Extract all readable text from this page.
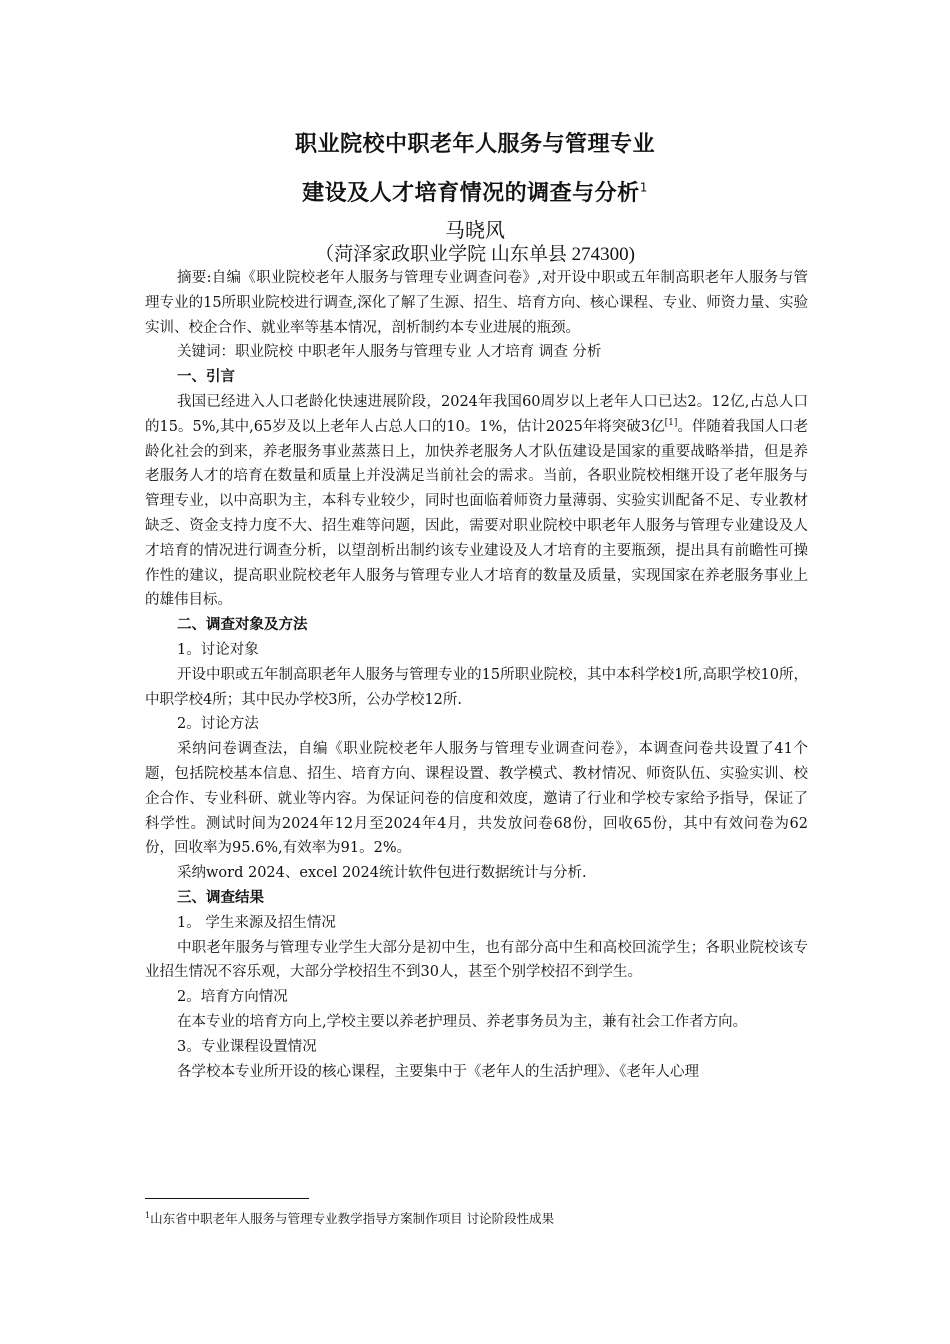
职业院校中职老年人服务与管理专业
建设及人才培育情况的调查与分析$^1$
马晓风
（菏泽家政职业学院 山东单县 274300)

摘要:自编《职业院校老年人服务与管理专业调查问卷》,对开设中职或五年制高职老年人服务与管理专业的15所职业院校进行调查,深化了解了生源、招生、培育方向、核心课程、专业、师资力量、实验实训、校企合作、就业率等基本情况，剖析制约本专业进展的瓶颈。

关键词：职业院校 中职老年人服务与管理专业 人才培育 调查 分析

一、引言

我国已经进入人口老龄化快速进展阶段，2024年我国60周岁以上老年人口已达2。12亿,占总人口的15。5%,其中,65岁及以上老年人占总人口的10。1%，估计2025年将突破3亿[1]。伴随着我国人口老龄化社会的到来，养老服务事业蒸蒸日上，加快养老服务人才队伍建设是国家的重要战略举措，但是养老服务人才的培育在数量和质量上并没满足当前社会的需求。当前，各职业院校相继开设了老年服务与管理专业，以中高职为主，本科专业较少，同时也面临着师资力量薄弱、实验实训配备不足、专业教材缺乏、资金支持力度不大、招生难等问题，因此，需要对职业院校中职老年人服务与管理专业建设及人才培育的情况进行调查分析，以望剖析出制约该专业建设及人才培育的主要瓶颈，提出具有前瞻性可操作性的建议，提高职业院校老年人服务与管理专业人才培育的数量及质量，实现国家在养老服务事业上的雄伟目标。

二、调查对象及方法

1。讨论对象

开设中职或五年制高职老年人服务与管理专业的15所职业院校，其中本科学校1所,高职学校10所，中职学校4所；其中民办学校3所，公办学校12所.

2。讨论方法

采纳问卷调查法，自编《职业院校老年人服务与管理专业调查问卷》，本调查问卷共设置了41个题，包括院校基本信息、招生、培育方向、课程设置、教学模式、教材情况、师资队伍、实验实训、校企合作、专业科研、就业等内容。为保证问卷的信度和效度，邀请了行业和学校专家给予指导，保证了科学性。测试时间为2024年12月至2024年4月，共发放问卷68份，回收65份，其中有效问卷为62份，回收率为95.6%,有效率为91。2%。

采纳word 2024、excel 2024统计软件包进行数据统计与分析.

三、调查结果

1。 学生来源及招生情况

中职老年服务与管理专业学生大部分是初中生，也有部分高中生和高校回流学生；各职业院校该专业招生情况不容乐观，大部分学校招生不到30人，甚至个别学校招不到学生。

2。培育方向情况

在本专业的培育方向上,学校主要以养老护理员、养老事务员为主，兼有社会工作者方向。

3。专业课程设置情况

各学校本专业所开设的核心课程，主要集中于《老年人的生活护理》、《老年人心理

$^1$山东省中职老年人服务与管理专业教学指导方案制作项目 讨论阶段性成果
